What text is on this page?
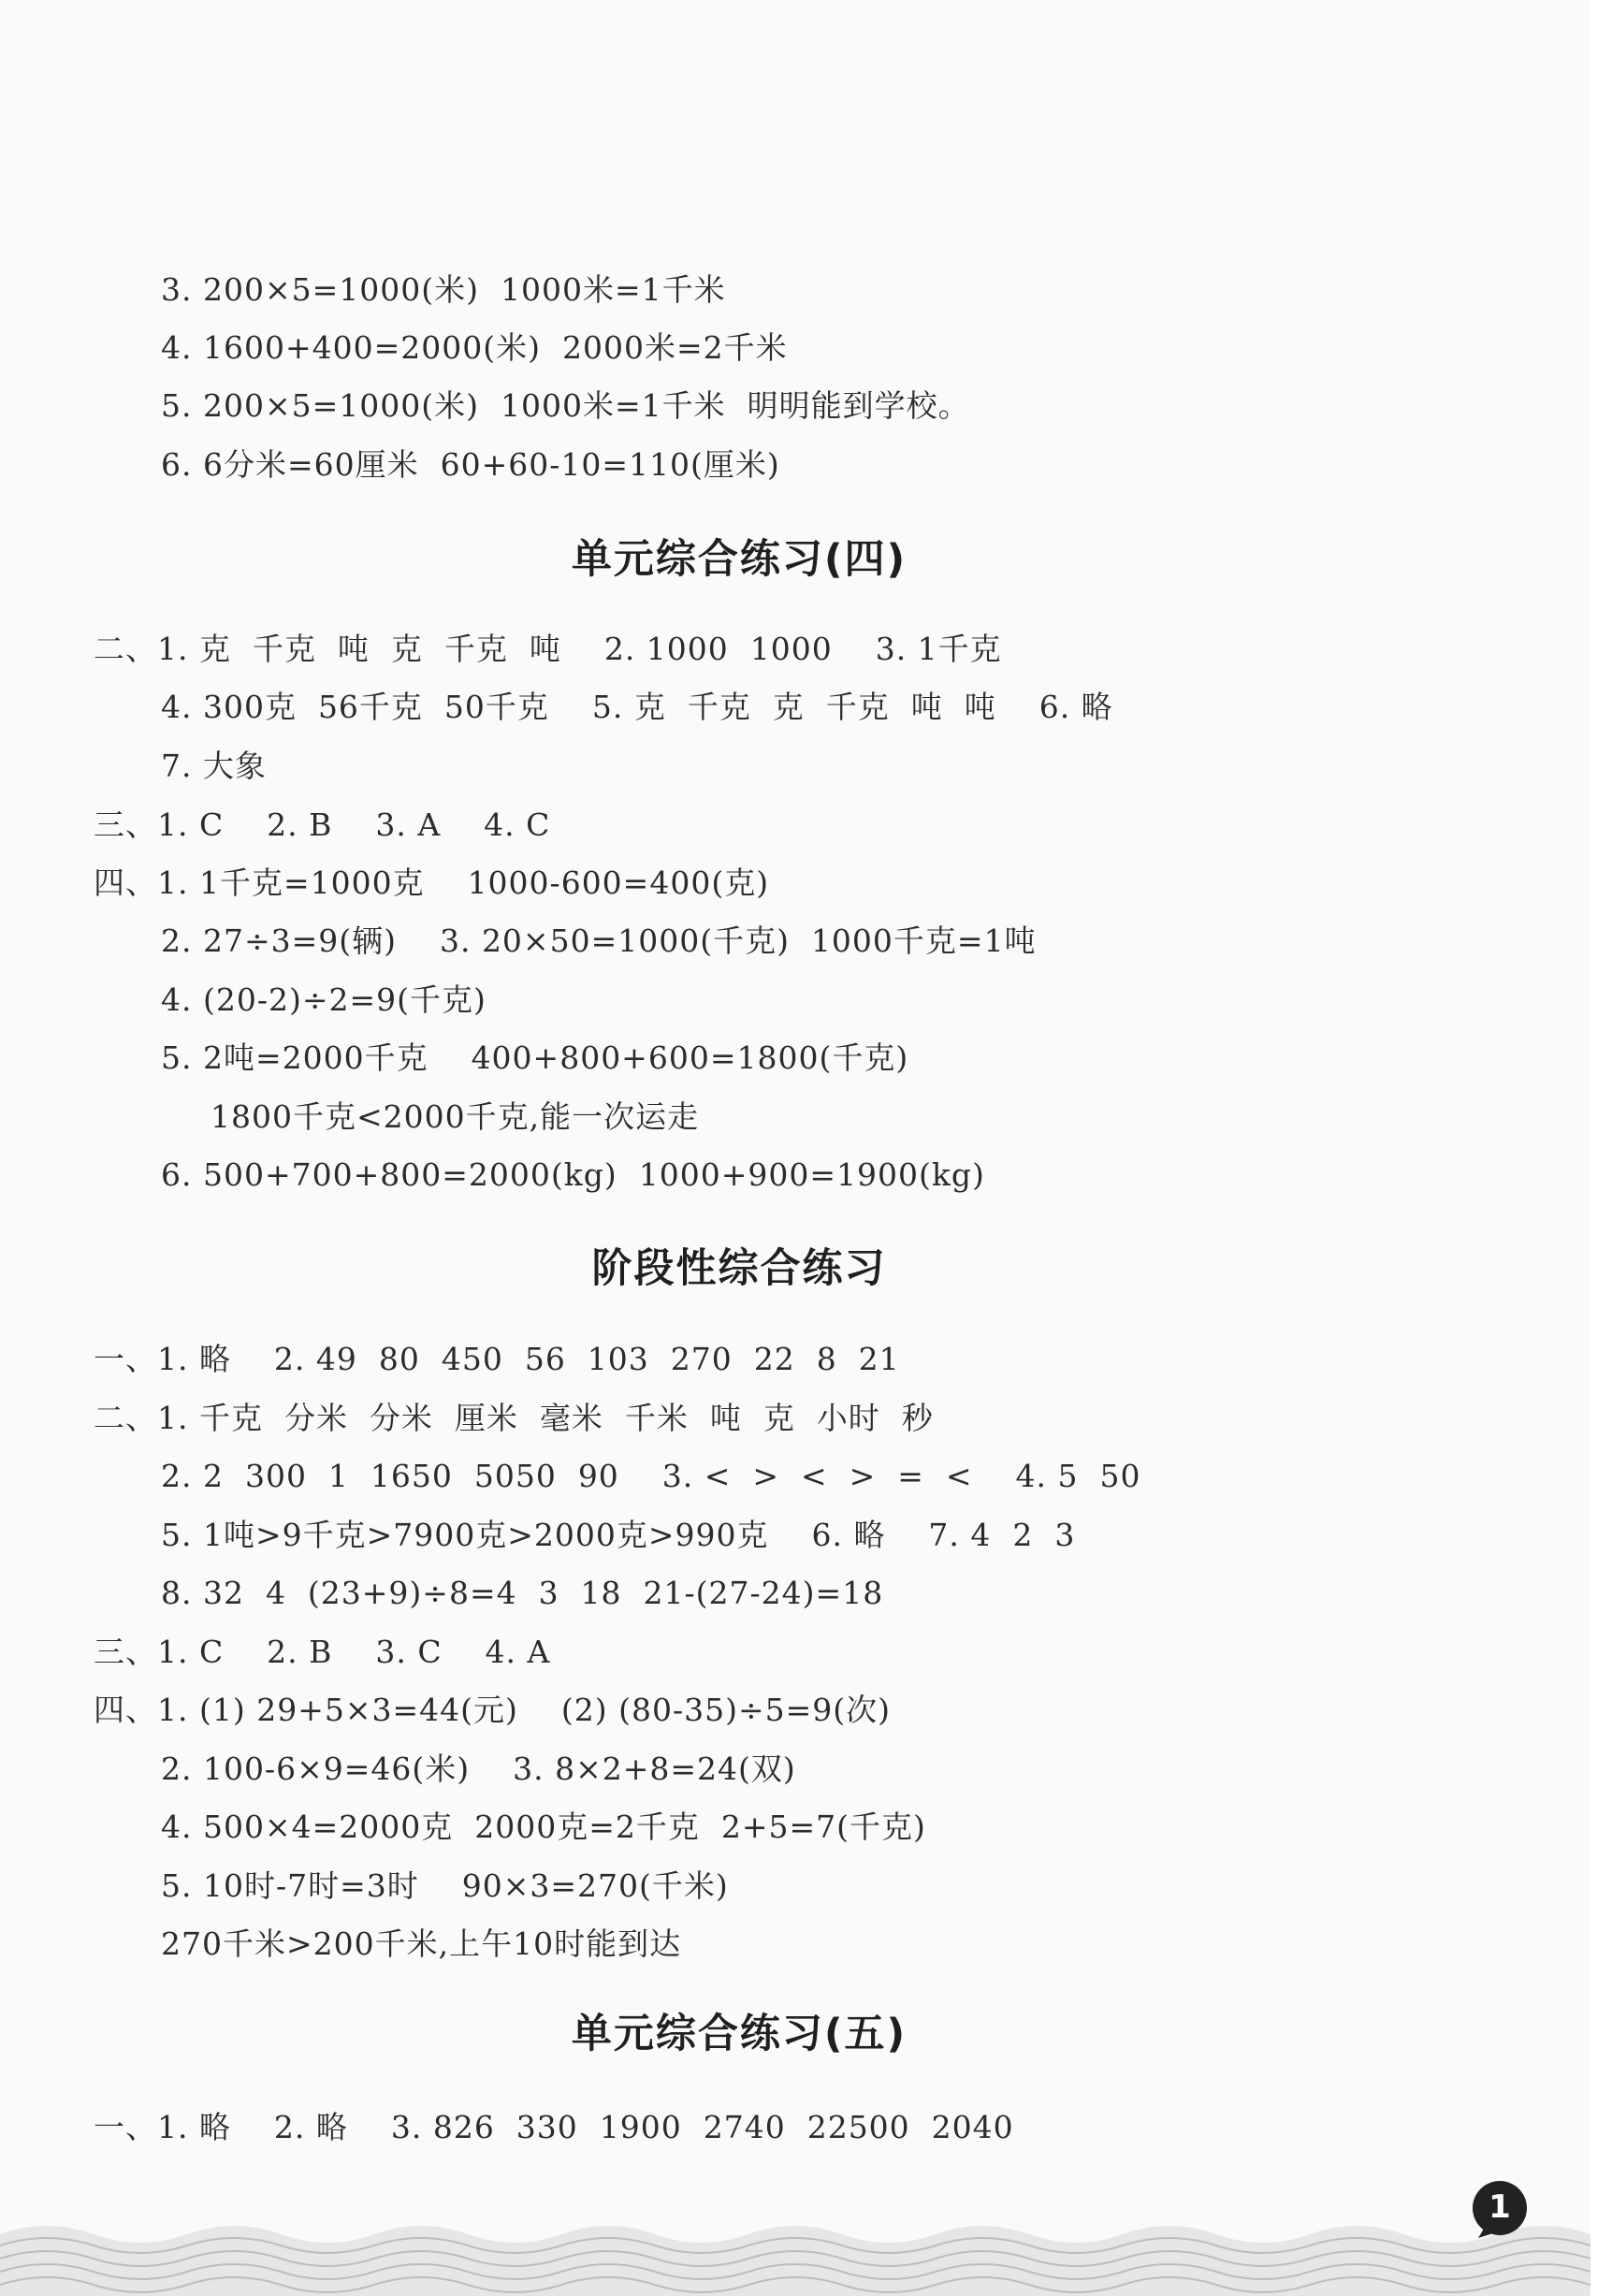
3. 200×5=1000(米)  1000米=1千米
4. 1600+400=2000(米)  2000米=2千米
5. 200×5=1000(米)  1000米=1千米  明明能到学校。
6. 6分米=60厘米  60+60-10=110(厘米)
单元综合练习(四)
二、1. 克  千克  吨  克  千克  吨    2. 1000  1000    3. 1千克
4. 300克  56千克  50千克    5. 克  千克  克  千克  吨  吨    6. 略
7. 大象
三、1. C    2. B    3. A    4. C
四、1. 1千克=1000克    1000-600=400(克)
2. 27÷3=9(辆)    3. 20×50=1000(千克)  1000千克=1吨
4. (20-2)÷2=9(千克)
5. 2吨=2000千克    400+800+600=1800(千克)
1800千克<2000千克,能一次运走
6. 500+700+800=2000(kg)  1000+900=1900(kg)
阶段性综合练习
一、1. 略    2. 49  80  450  56  103  270  22  8  21
二、1. 千克  分米  分米  厘米  毫米  千米  吨  克  小时  秒
2. 2  300  1  1650  5050  90    3. <  >  <  >  =  <    4. 5  50
5. 1吨>9千克>7900克>2000克>990克    6. 略    7. 4  2  3
8. 32  4  (23+9)÷8=4  3  18  21-(27-24)=18
三、1. C    2. B    3. C    4. A
四、1. (1) 29+5×3=44(元)    (2) (80-35)÷5=9(次)
2. 100-6×9=46(米)    3. 8×2+8=24(双)
4. 500×4=2000克  2000克=2千克  2+5=7(千克)
5. 10时-7时=3时    90×3=270(千米)
270千米>200千米,上午10时能到达
单元综合练习(五)
一、1. 略    2. 略    3. 826  330  1900  2740  22500  2040
1
